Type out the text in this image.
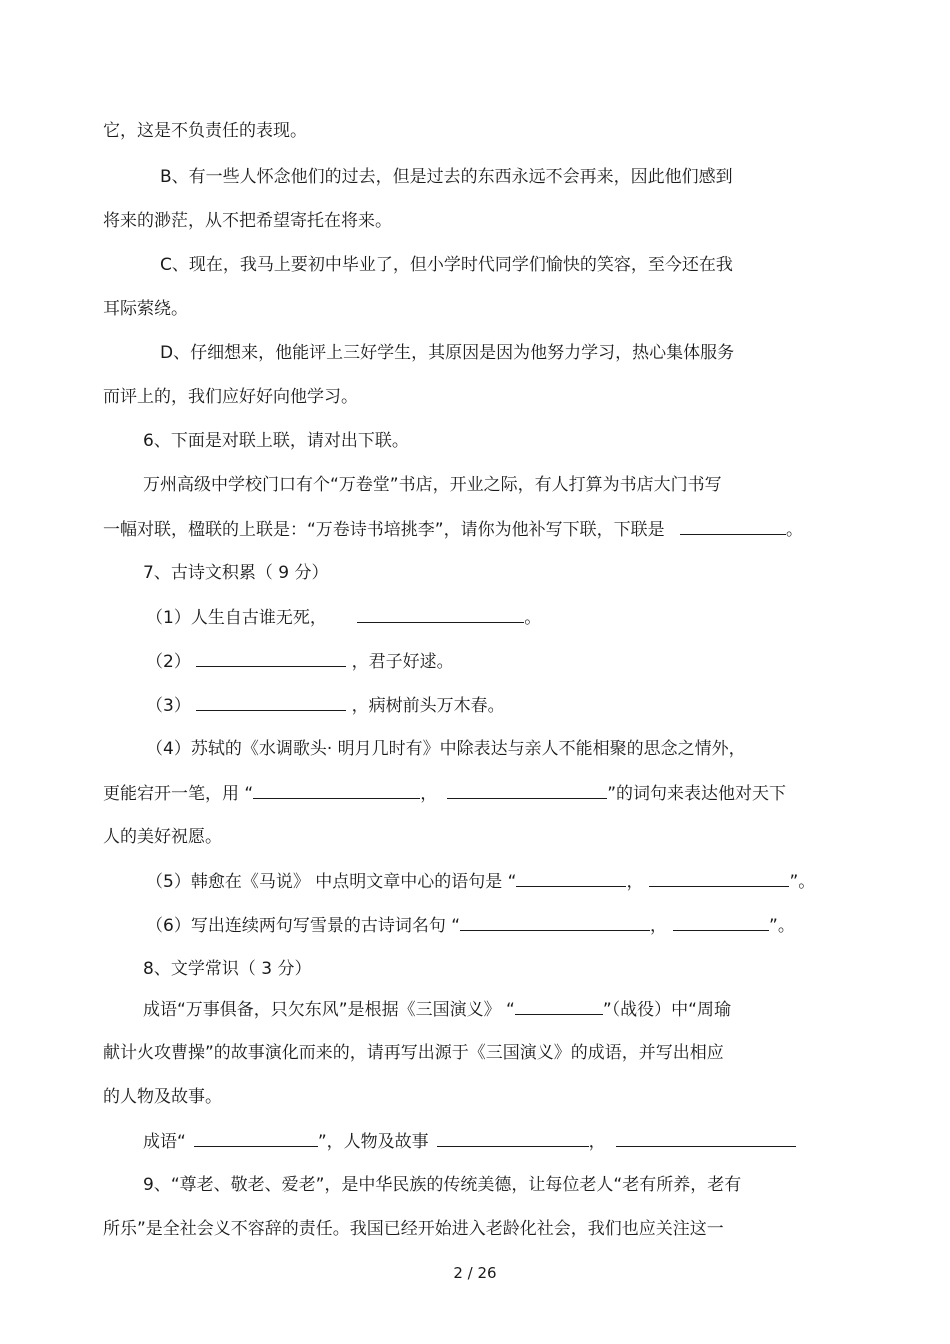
它，这是不负责任的表现。
B、有一些人怀念他们的过去，但是过去的东西永远不会再来，因此他们感到
将来的渺茫，从不把希望寄托在将来。
C、现在，我马上要初中毕业了，但小学时代同学们愉快的笑容，至今还在我
耳际萦绕。
D、仔细想来，他能评上三好学生，其原因是因为他努力学习，热心集体服务
而评上的，我们应好好向他学习。
6、下面是对联上联，请对出下联。
万州高级中学校门口有个“万卷堂”书店，开业之际，有人打算为书店大门书写
一幅对联，楹联的上联是：“万卷诗书培挑李”，请你为他补写下联，下联是	。
7、古诗文积累（ 9 分）
（1）人生自古谁无死，	。
（2）	，君子好逑。
（3）	，病树前头万木春。
（4）苏轼的《水调歌头· 明月几时有》中除表达与亲人不能相聚的思念之情外，
更能宕开一笔，用 “	，	”的词句来表达他对天下
人的美好祝愿。
（5）韩愈在《马说》 中点明文章中心的语句是 “	，	”。
（6）写出连续两句写雪景的古诗词名句 “	，	”。
8、文学常识（ 3 分）
成语“万事俱备，只欠东风”是根据《三国演义》 “	”（战役）中“周瑜
献计火攻曹操”的故事演化而来的，请再写出源于《三国演义》的成语，并写出相应
的人物及故事。
成语“	”，人物及故事	，
9、“尊老、敬老、爱老”，是中华民族的传统美德，让每位老人“老有所养，老有
所乐”是全社会义不容辞的责任。我国已经开始进入老龄化社会，我们也应关注这一
2 / 26
